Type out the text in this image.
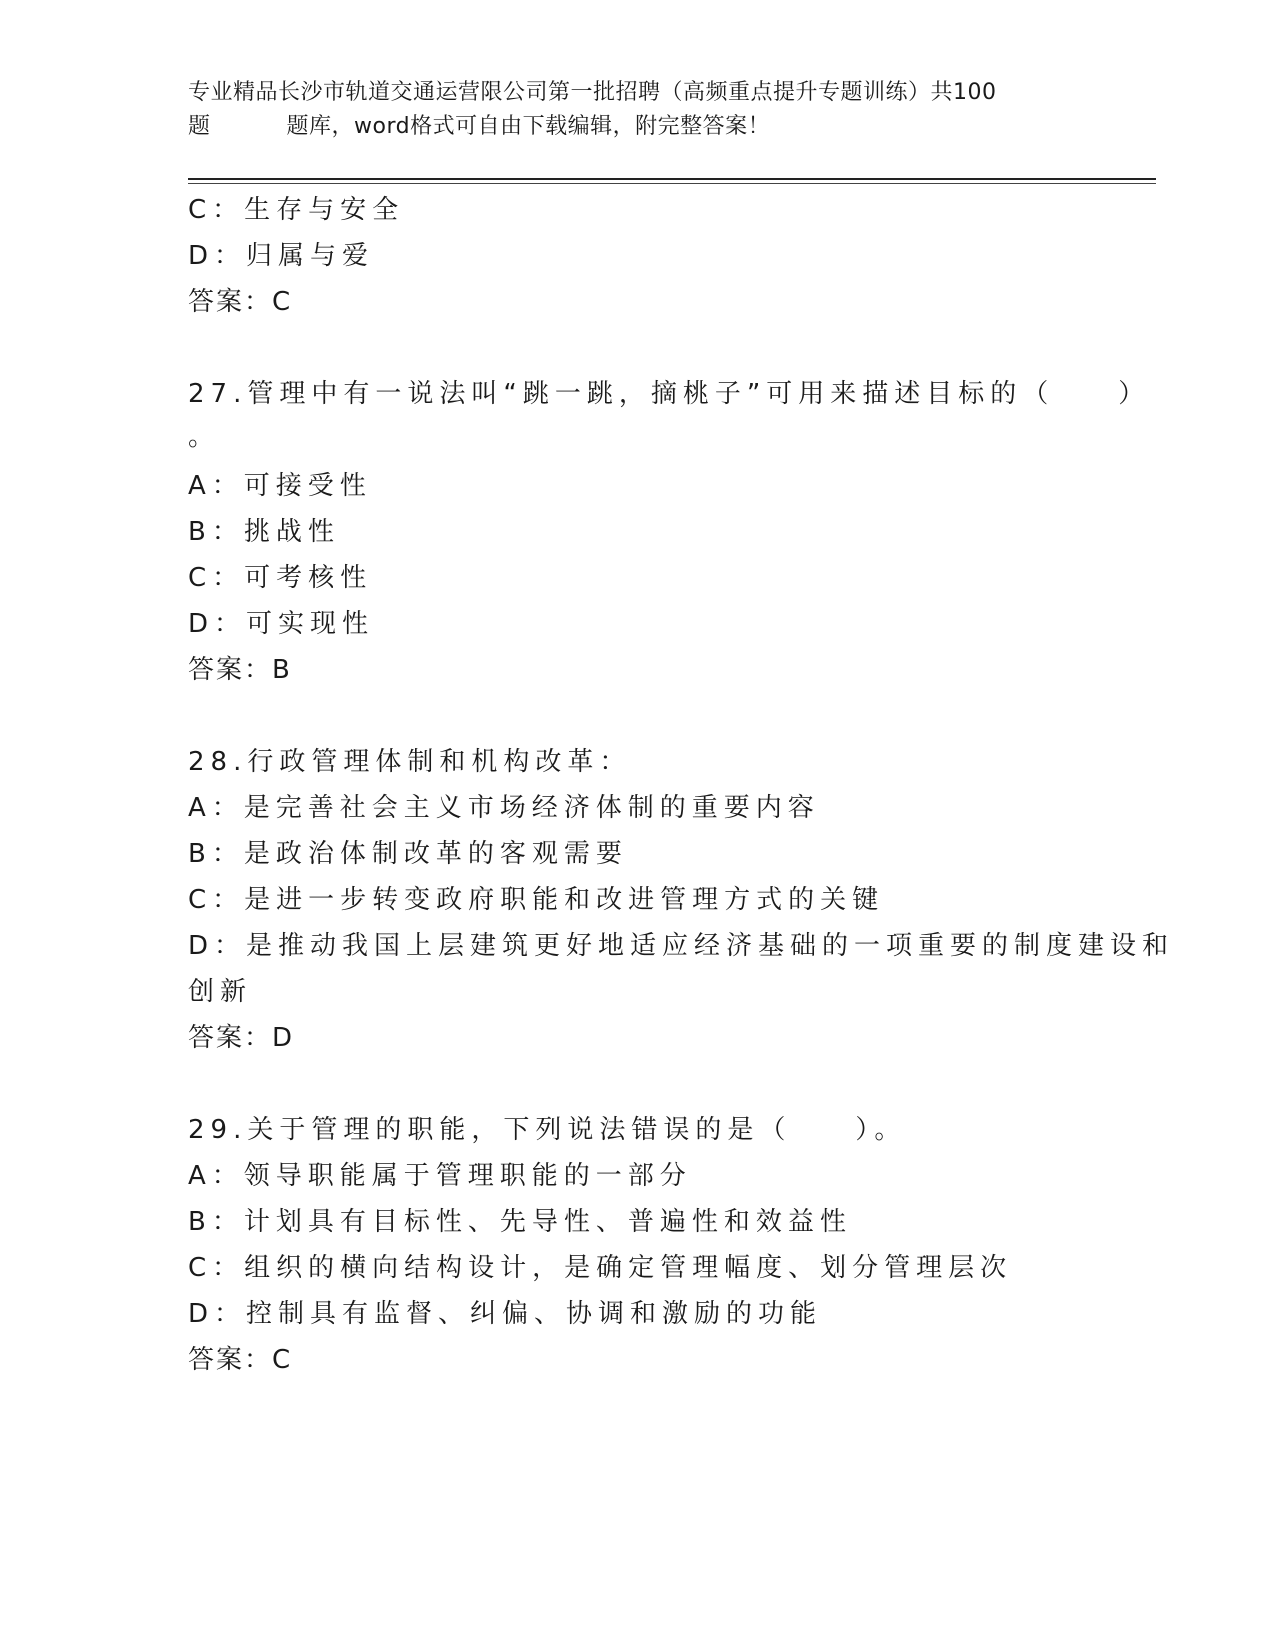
专业精品长沙市轨道交通运营限公司第一批招聘（高频重点提升专题训练）共100
题	题库，word格式可自由下载编辑，附完整答案！
C：生存与安全
D：归属与爱
答案：C
27.管理中有一说法叫“跳一跳，摘桃子”可用来描述目标的（　　）
。
A：可接受性
B：挑战性
C：可考核性
D：可实现性
答案：B
28.行政管理体制和机构改革：
A：是完善社会主义市场经济体制的重要内容
B：是政治体制改革的客观需要
C：是进一步转变政府职能和改进管理方式的关键
D：是推动我国上层建筑更好地适应经济基础的一项重要的制度建设和
创新
答案：D
29.关于管理的职能，下列说法错误的是（　　）。
A：领导职能属于管理职能的一部分
B：计划具有目标性、先导性、普遍性和效益性
C：组织的横向结构设计，是确定管理幅度、划分管理层次
D：控制具有监督、纠偏、协调和激励的功能
答案：C
